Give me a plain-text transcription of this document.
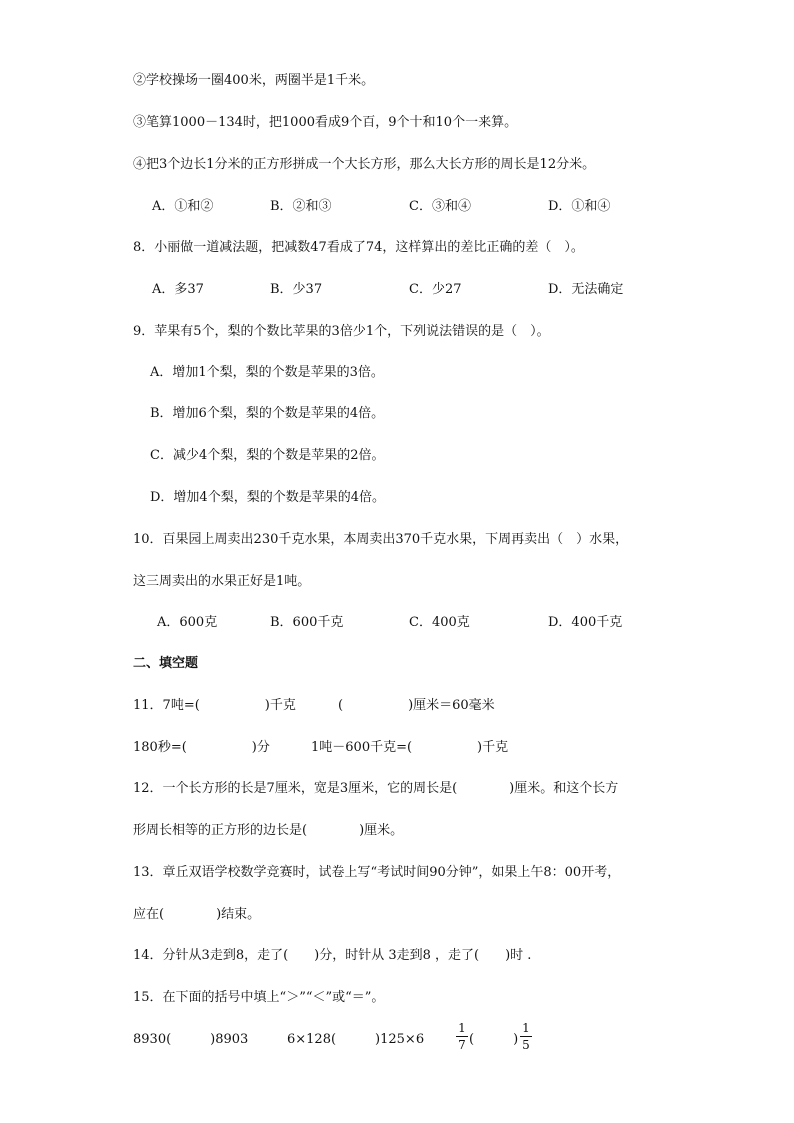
②学校操场一圈400米，两圈半是1千米。
③笔算1000－134时，把1000看成9个百，9个十和10个一来算。
④把3个边长1分米的正方形拼成一个大长方形，那么大长方形的周长是12分米。
A．①和②	B．②和③	C．③和④	D．①和④
8．小丽做一道减法题，把减数47看成了74，这样算出的差比正确的差（　）。
A．多37	B．少37	C．少27	D．无法确定
9．苹果有5个，梨的个数比苹果的3倍少1个，下列说法错误的是（　）。
A．增加1个梨，梨的个数是苹果的3倍。
B．增加6个梨，梨的个数是苹果的4倍。
C．减少4个梨，梨的个数是苹果的2倍。
D．增加4个梨，梨的个数是苹果的4倍。
10．百果园上周卖出230千克水果，本周卖出370千克水果，下周再卖出（　）水果，
这三周卖出的水果正好是1吨。
A．600克	B．600千克	C．400克	D．400千克
二、填空题
11．7吨=(　　　　　)千克	(　　　　　)厘米＝60毫米
180秒=(　　　　　)分	1吨－600千克=(　　　　　)千克
12．一个长方形的长是7厘米，宽是3厘米，它的周长是(　　　　)厘米。和这个长方
形周长相等的正方形的边长是(　　　　)厘米。
13．章丘双语学校数学竞赛时，试卷上写“考试时间90分钟”，如果上午8：00开考，
应在(　　　　)结束。
14．分针从3走到8，走了(　　)分，时针从 3走到8 ，走了(　　)时 .
15．在下面的括号中填上“＞”“＜”或“＝”。
8930(　　　)8903	6×128(　　　)125×6
1
7 (　　　)
1
5
